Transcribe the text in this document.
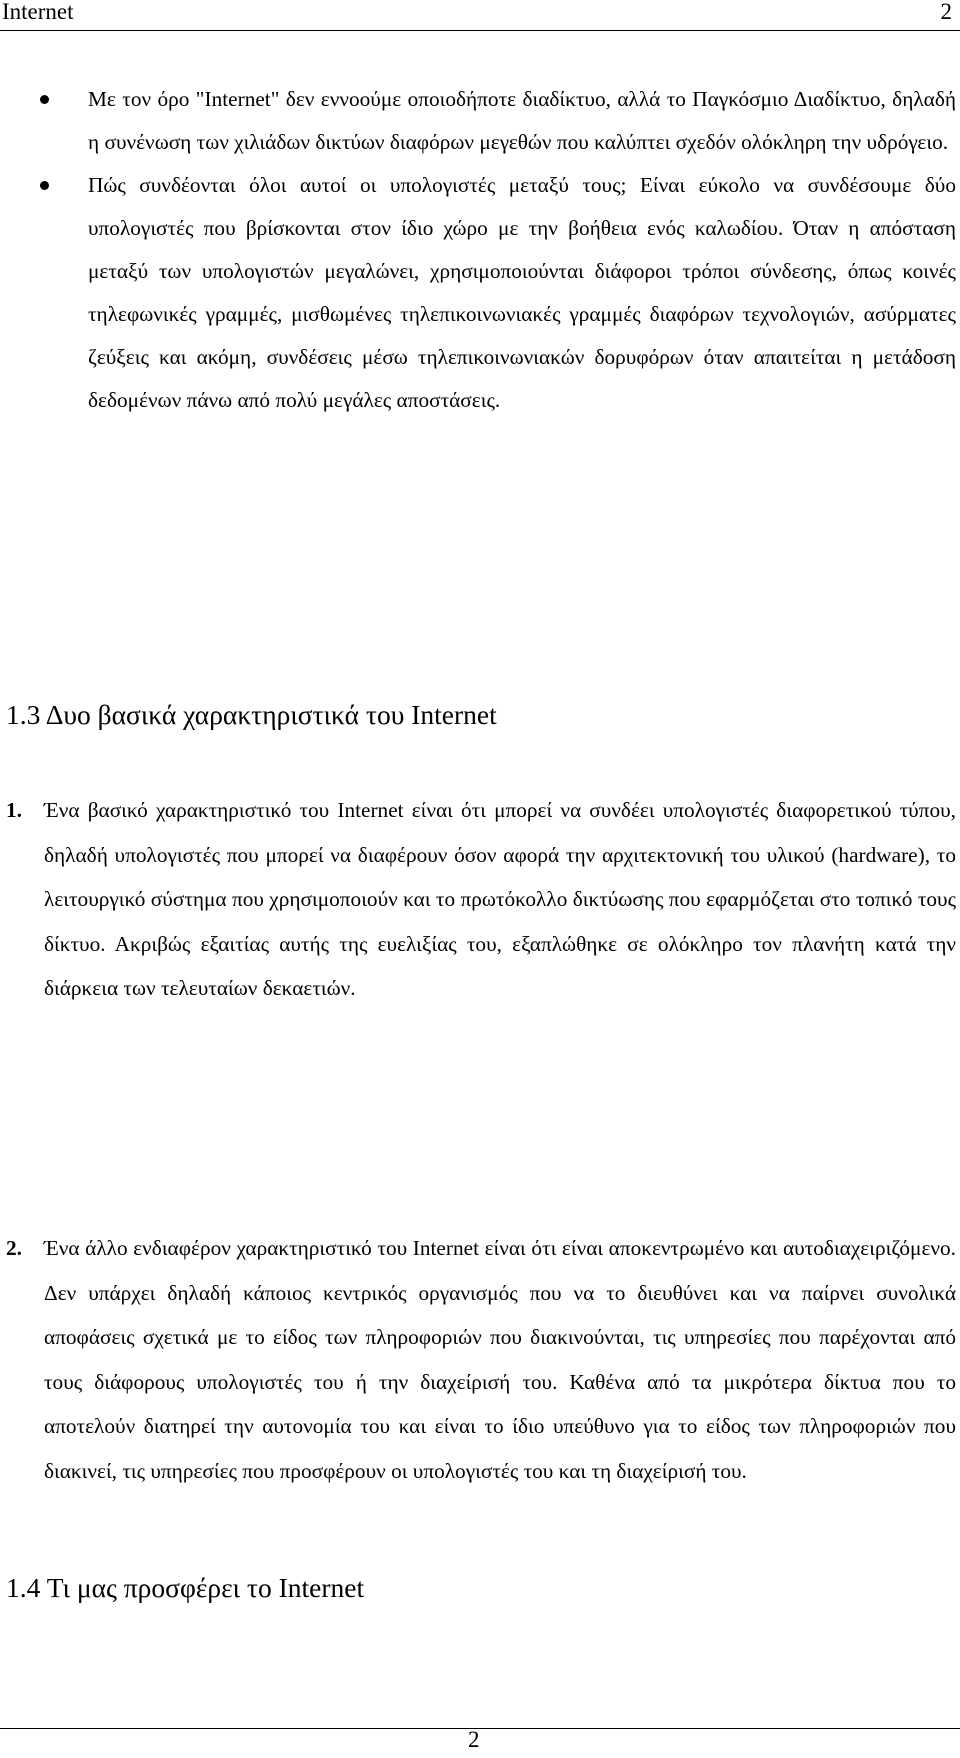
Internet	2
Με τον όρο "Internet" δεν εννοούμε οποιοδήποτε διαδίκτυο, αλλά το Παγκόσμιο Διαδίκτυο, δηλαδή η συνένωση των χιλιάδων δικτύων διαφόρων μεγεθών που καλύπτει σχεδόν ολόκληρη την υδρόγειο.
Πώς συνδέονται όλοι αυτοί οι υπολογιστές μεταξύ τους; Είναι εύκολο να συνδέσουμε δύο υπολογιστές που βρίσκονται στον ίδιο χώρο με την βοήθεια ενός καλωδίου. Όταν η απόσταση μεταξύ των υπολογιστών μεγαλώνει, χρησιμοποιούνται διάφοροι τρόποι σύνδεσης, όπως κοινές τηλεφωνικές γραμμές, μισθωμένες τηλεπικοινωνιακές γραμμές διαφόρων τεχνολογιών, ασύρματες ζεύξεις και ακόμη, συνδέσεις μέσω τηλεπικοινωνιακών δορυφόρων όταν απαιτείται η μετάδοση δεδομένων πάνω από πολύ μεγάλες αποστάσεις.
1.3 Δυο βασικά χαρακτηριστικά του Internet
1. Ένα βασικό χαρακτηριστικό του Internet είναι ότι μπορεί να συνδέει υπολογιστές διαφορετικού τύπου, δηλαδή υπολογιστές που μπορεί να διαφέρουν όσον αφορά την αρχιτεκτονική του υλικού (hardware), το λειτουργικό σύστημα που χρησιμοποιούν και το πρωτόκολλο δικτύωσης που εφαρμόζεται στο τοπικό τους δίκτυο. Ακριβώς εξαιτίας αυτής της ευελιξίας του, εξαπλώθηκε σε ολόκληρο τον πλανήτη κατά την διάρκεια των τελευταίων δεκαετιών.
2. Ένα άλλο ενδιαφέρον χαρακτηριστικό του Internet είναι ότι είναι αποκεντρωμένο και αυτοδιαχειριζόμενο. Δεν υπάρχει δηλαδή κάποιος κεντρικός οργανισμός που να το διευθύνει και να παίρνει συνολικά αποφάσεις σχετικά με το είδος των πληροφοριών που διακινούνται, τις υπηρεσίες που παρέχονται από τους διάφορους υπολογιστές του ή την διαχείρισή του. Καθένα από τα μικρότερα δίκτυα που το αποτελούν διατηρεί την αυτονομία του και είναι το ίδιο υπεύθυνο για το είδος των πληροφοριών που διακινεί, τις υπηρεσίες που προσφέρουν οι υπολογιστές του και τη διαχείρισή του.
1.4 Τι μας προσφέρει το Internet
2
